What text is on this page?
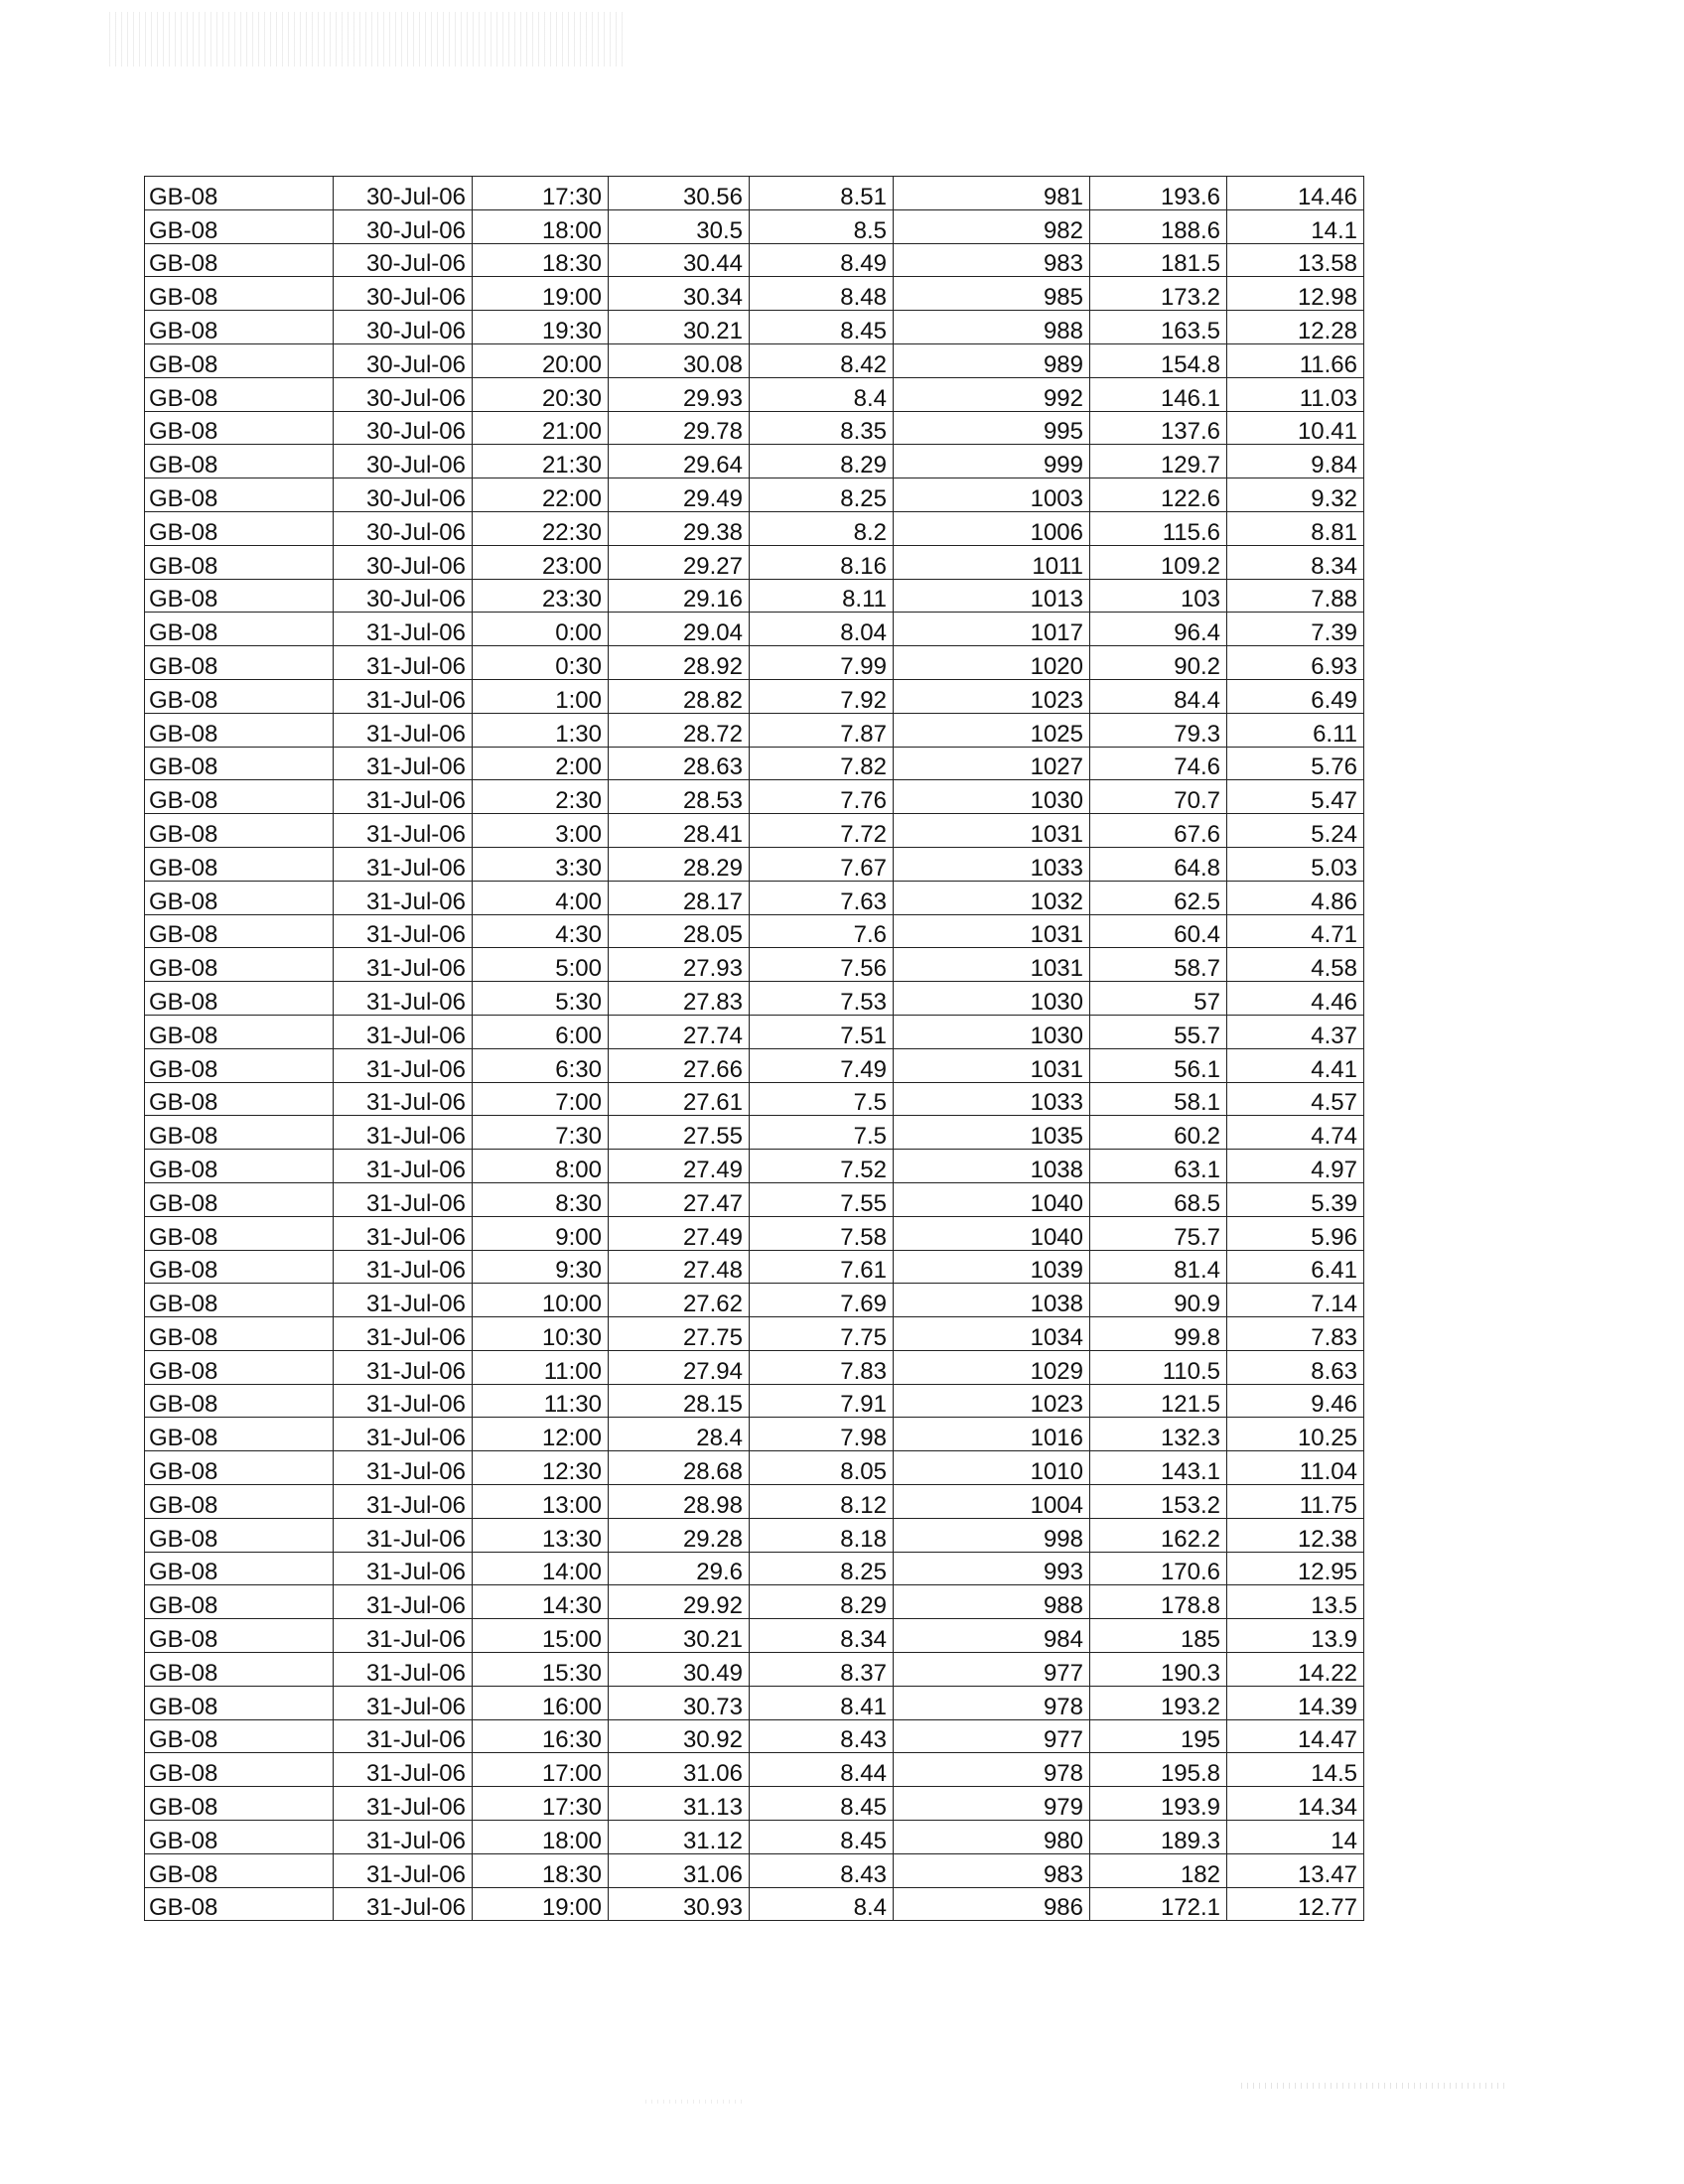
GB-08	30-Jul-06	17:30	30.56	8.51	981	193.6	14.46
GB-08	30-Jul-06	18:00	30.5	8.5	982	188.6	14.1
GB-08	30-Jul-06	18:30	30.44	8.49	983	181.5	13.58
GB-08	30-Jul-06	19:00	30.34	8.48	985	173.2	12.98
GB-08	30-Jul-06	19:30	30.21	8.45	988	163.5	12.28
GB-08	30-Jul-06	20:00	30.08	8.42	989	154.8	11.66
GB-08	30-Jul-06	20:30	29.93	8.4	992	146.1	11.03
GB-08	30-Jul-06	21:00	29.78	8.35	995	137.6	10.41
GB-08	30-Jul-06	21:30	29.64	8.29	999	129.7	9.84
GB-08	30-Jul-06	22:00	29.49	8.25	1003	122.6	9.32
GB-08	30-Jul-06	22:30	29.38	8.2	1006	115.6	8.81
GB-08	30-Jul-06	23:00	29.27	8.16	1011	109.2	8.34
GB-08	30-Jul-06	23:30	29.16	8.11	1013	103	7.88
GB-08	31-Jul-06	0:00	29.04	8.04	1017	96.4	7.39
GB-08	31-Jul-06	0:30	28.92	7.99	1020	90.2	6.93
GB-08	31-Jul-06	1:00	28.82	7.92	1023	84.4	6.49
GB-08	31-Jul-06	1:30	28.72	7.87	1025	79.3	6.11
GB-08	31-Jul-06	2:00	28.63	7.82	1027	74.6	5.76
GB-08	31-Jul-06	2:30	28.53	7.76	1030	70.7	5.47
GB-08	31-Jul-06	3:00	28.41	7.72	1031	67.6	5.24
GB-08	31-Jul-06	3:30	28.29	7.67	1033	64.8	5.03
GB-08	31-Jul-06	4:00	28.17	7.63	1032	62.5	4.86
GB-08	31-Jul-06	4:30	28.05	7.6	1031	60.4	4.71
GB-08	31-Jul-06	5:00	27.93	7.56	1031	58.7	4.58
GB-08	31-Jul-06	5:30	27.83	7.53	1030	57	4.46
GB-08	31-Jul-06	6:00	27.74	7.51	1030	55.7	4.37
GB-08	31-Jul-06	6:30	27.66	7.49	1031	56.1	4.41
GB-08	31-Jul-06	7:00	27.61	7.5	1033	58.1	4.57
GB-08	31-Jul-06	7:30	27.55	7.5	1035	60.2	4.74
GB-08	31-Jul-06	8:00	27.49	7.52	1038	63.1	4.97
GB-08	31-Jul-06	8:30	27.47	7.55	1040	68.5	5.39
GB-08	31-Jul-06	9:00	27.49	7.58	1040	75.7	5.96
GB-08	31-Jul-06	9:30	27.48	7.61	1039	81.4	6.41
GB-08	31-Jul-06	10:00	27.62	7.69	1038	90.9	7.14
GB-08	31-Jul-06	10:30	27.75	7.75	1034	99.8	7.83
GB-08	31-Jul-06	11:00	27.94	7.83	1029	110.5	8.63
GB-08	31-Jul-06	11:30	28.15	7.91	1023	121.5	9.46
GB-08	31-Jul-06	12:00	28.4	7.98	1016	132.3	10.25
GB-08	31-Jul-06	12:30	28.68	8.05	1010	143.1	11.04
GB-08	31-Jul-06	13:00	28.98	8.12	1004	153.2	11.75
GB-08	31-Jul-06	13:30	29.28	8.18	998	162.2	12.38
GB-08	31-Jul-06	14:00	29.6	8.25	993	170.6	12.95
GB-08	31-Jul-06	14:30	29.92	8.29	988	178.8	13.5
GB-08	31-Jul-06	15:00	30.21	8.34	984	185	13.9
GB-08	31-Jul-06	15:30	30.49	8.37	977	190.3	14.22
GB-08	31-Jul-06	16:00	30.73	8.41	978	193.2	14.39
GB-08	31-Jul-06	16:30	30.92	8.43	977	195	14.47
GB-08	31-Jul-06	17:00	31.06	8.44	978	195.8	14.5
GB-08	31-Jul-06	17:30	31.13	8.45	979	193.9	14.34
GB-08	31-Jul-06	18:00	31.12	8.45	980	189.3	14
GB-08	31-Jul-06	18:30	31.06	8.43	983	182	13.47
GB-08	31-Jul-06	19:00	30.93	8.4	986	172.1	12.77
